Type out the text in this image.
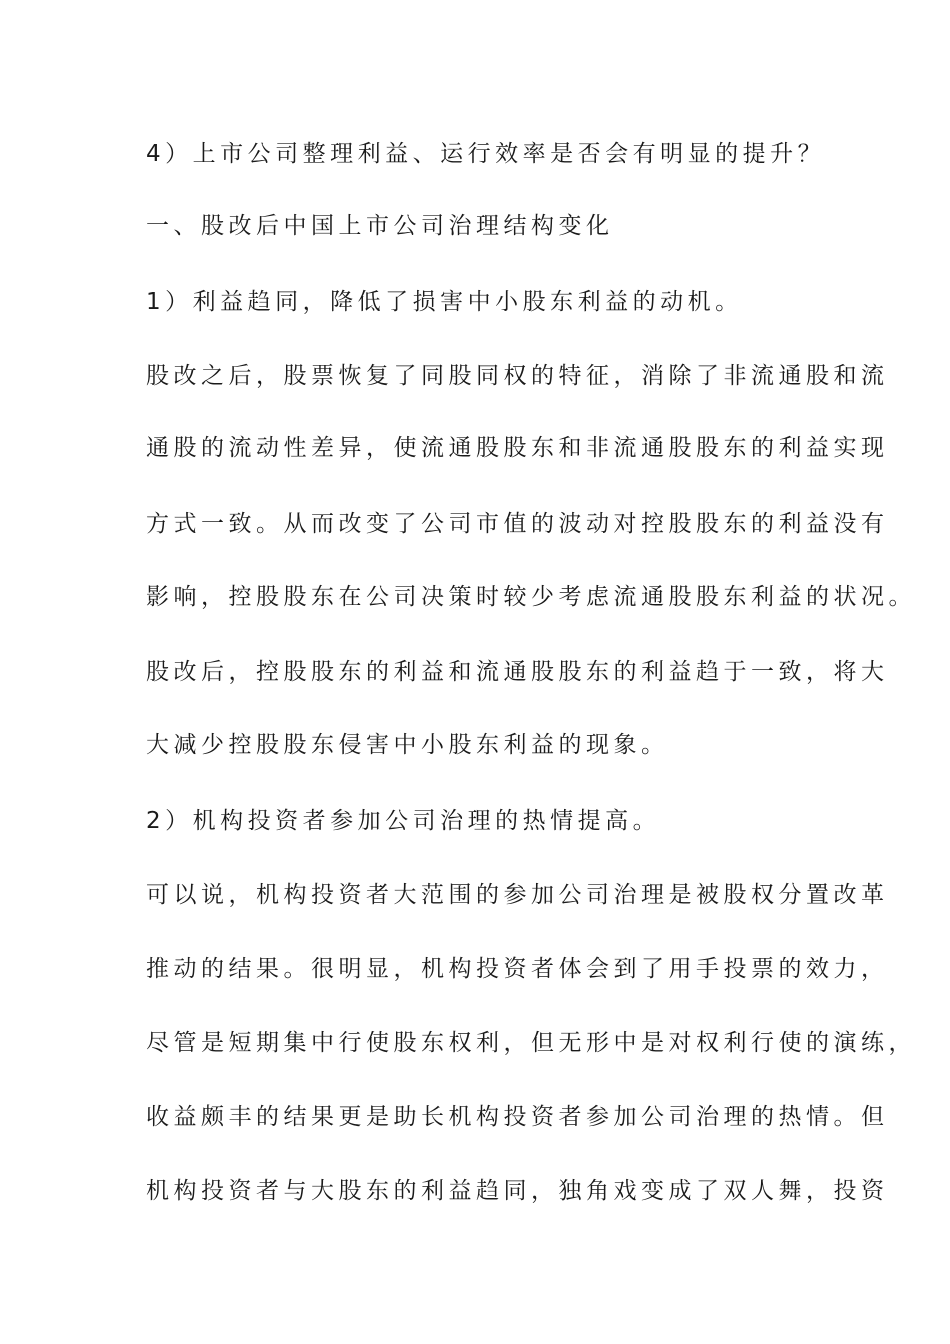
4）上市公司整理利益、运行效率是否会有明显的提升？
一、股改后中国上市公司治理结构变化
1）利益趋同，降低了损害中小股东利益的动机。
股改之后，股票恢复了同股同权的特征，消除了非流通股和流
通股的流动性差异，使流通股股东和非流通股股东的利益实现
方式一致。从而改变了公司市值的波动对控股股东的利益没有
影响，控股股东在公司决策时较少考虑流通股股东利益的状况。
股改后，控股股东的利益和流通股股东的利益趋于一致，将大
大减少控股股东侵害中小股东利益的现象。
2）机构投资者参加公司治理的热情提高。
可以说，机构投资者大范围的参加公司治理是被股权分置改革
推动的结果。很明显，机构投资者体会到了用手投票的效力，
尽管是短期集中行使股东权利，但无形中是对权利行使的演练，
收益颇丰的结果更是助长机构投资者参加公司治理的热情。但
机构投资者与大股东的利益趋同，独角戏变成了双人舞，投资
